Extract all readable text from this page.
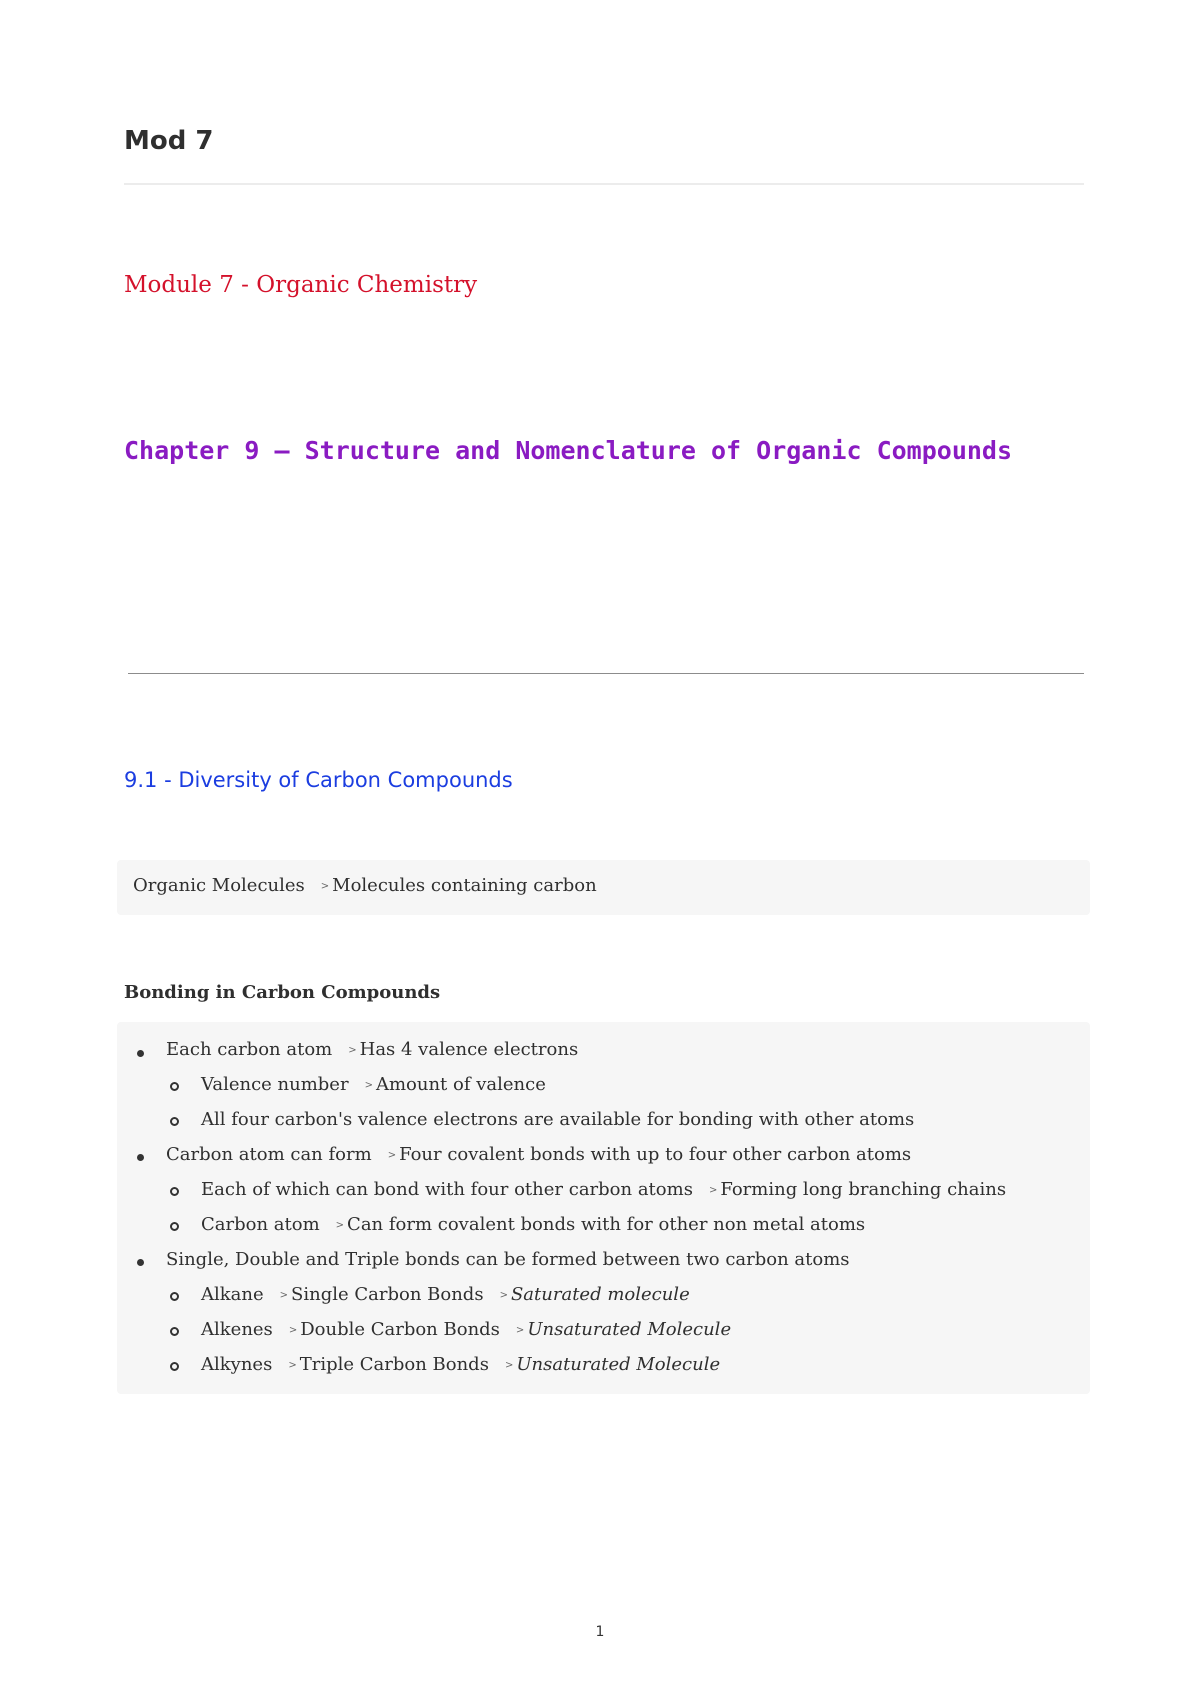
Mod 7
Module 7 - Organic Chemistry
Chapter 9 – Structure and Nomenclature of Organic Compounds
9.1 - Diversity of Carbon Compounds
Organic Molecules > Molecules containing carbon
Bonding in Carbon Compounds
Each carbon atom > Has 4 valence electrons
Valence number > Amount of valence
All four carbon's valence electrons are available for bonding with other atoms
Carbon atom can form > Four covalent bonds with up to four other carbon atoms
Each of which can bond with four other carbon atoms > Forming long branching chains
Carbon atom > Can form covalent bonds with for other non metal atoms
Single, Double and Triple bonds can be formed between two carbon atoms
Alkane > Single Carbon Bonds > Saturated molecule
Alkenes > Double Carbon Bonds > Unsaturated Molecule
Alkynes > Triple Carbon Bonds > Unsaturated Molecule
1
